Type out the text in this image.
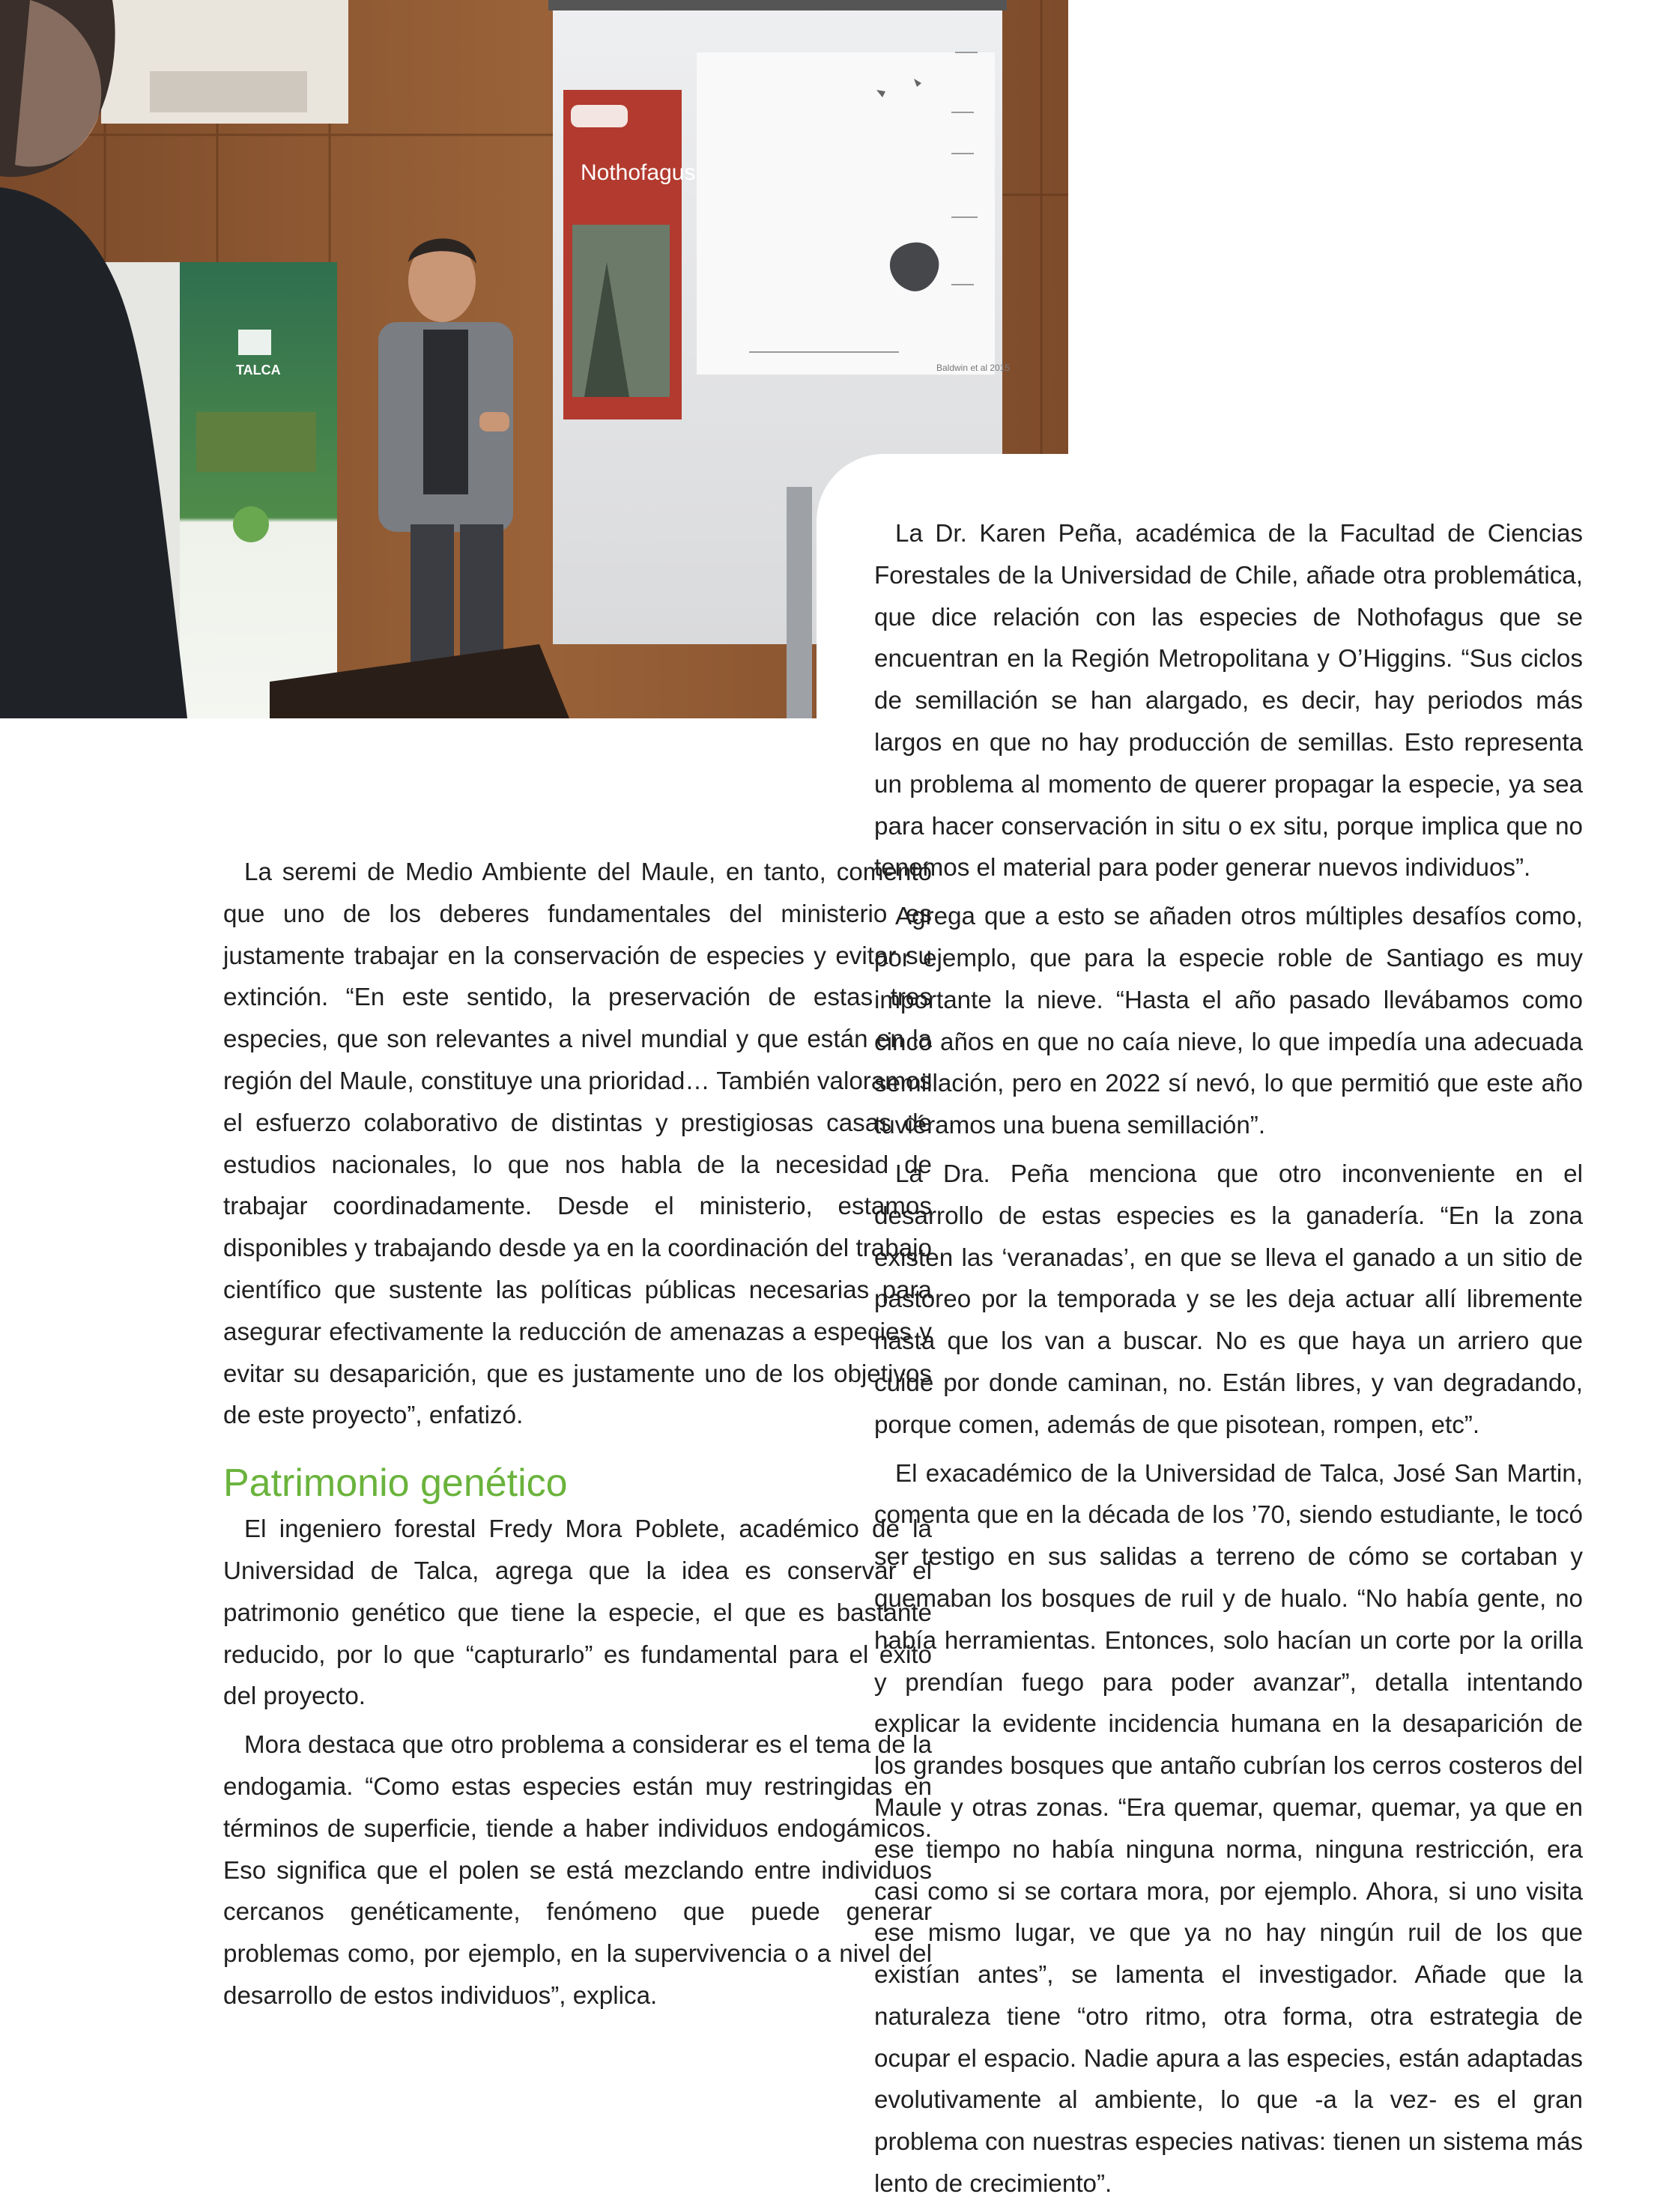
Nothofagus
Baldwin et al 2015
TALCA

La seremi de Medio Ambiente del Maule, en tanto, comentó que uno de los deberes fundamentales del ministerio es justamente trabajar en la conservación de especies y evitar su extinción. “En este sentido, la preservación de estas tres especies, que son relevantes a nivel mundial y que están en la región del Maule, constituye una prioridad… También valoramos el esfuerzo colaborativo de distintas y prestigiosas casas de estudios nacionales, lo que nos habla de la necesidad de trabajar coordinadamente. Desde el ministerio, estamos disponibles y trabajando desde ya en la coordinación del trabajo científico que sustente las políticas públicas necesarias para asegurar efectivamente la reducción de amenazas a especies y evitar su desaparición, que es justamente uno de los objetivos de este proyecto”, enfatizó.

Patrimonio genético

El ingeniero forestal Fredy Mora Poblete, académico de la Universidad de Talca, agrega que la idea es conservar el patrimonio genético que tiene la especie, el que es bastante reducido, por lo que “capturarlo” es fundamental para el éxito del proyecto.

Mora destaca que otro problema a considerar es el tema de la endogamia. “Como estas especies están muy restringidas en términos de superficie, tiende a haber individuos endogámicos. Eso significa que el polen se está mezclando entre individuos cercanos genéticamente, fenómeno que puede generar problemas como, por ejemplo, en la supervivencia o a nivel del desarrollo de estos individuos”, explica.

La Dr. Karen Peña, académica de la Facultad de Ciencias Forestales de la Universidad de Chile, añade otra problemática, que dice relación con las especies de Nothofagus que se encuentran en la Región Metropolitana y O’Higgins. “Sus ciclos de semillación se han alargado, es decir, hay periodos más largos en que no hay producción de semillas. Esto representa un problema al momento de querer propagar la especie, ya sea para hacer conservación in situ o ex situ, porque implica que no tenemos el material para poder generar nuevos individuos”.

Agrega que a esto se añaden otros múltiples desafíos como, por ejemplo, que para la especie roble de Santiago es muy importante la nieve. “Hasta el año pasado llevábamos como cinco años en que no caía nieve, lo que impedía una adecuada semillación, pero en 2022 sí nevó, lo que permitió que este año tuviéramos una buena semillación”.

La Dra. Peña menciona que otro inconveniente en el desarrollo de estas especies es la ganadería. “En la zona existen las ‘veranadas’, en que se lleva el ganado a un sitio de pastoreo por la temporada y se les deja actuar allí libremente hasta que los van a buscar. No es que haya un arriero que cuide por donde caminan, no. Están libres, y van degradando, porque comen, además de que pisotean, rompen, etc”.

El exacadémico de la Universidad de Talca, José San Martin, comenta que en la década de los ’70, siendo estudiante, le tocó ser testigo en sus salidas a terreno de cómo se cortaban y quemaban los bosques de ruil y de hualo. “No había gente, no había herramientas. Entonces, solo hacían un corte por la orilla y prendían fuego para poder avanzar”, detalla intentando explicar la evidente incidencia humana en la desaparición de los grandes bosques que antaño cubrían los cerros costeros del Maule y otras zonas. “Era quemar, quemar, quemar, ya que en ese tiempo no había ninguna norma, ninguna restricción, era casi como si se cortara mora, por ejemplo. Ahora, si uno visita ese mismo lugar, ve que ya no hay ningún ruil de los que existían antes”, se lamenta el investigador. Añade que la naturaleza tiene “otro ritmo, otra forma, otra estrategia de ocupar el espacio. Nadie apura a las especies, están adaptadas evolutivamente al ambiente, lo que -a la vez- es el gran problema con nuestras especies nativas: tienen un sistema más lento de crecimiento”.
